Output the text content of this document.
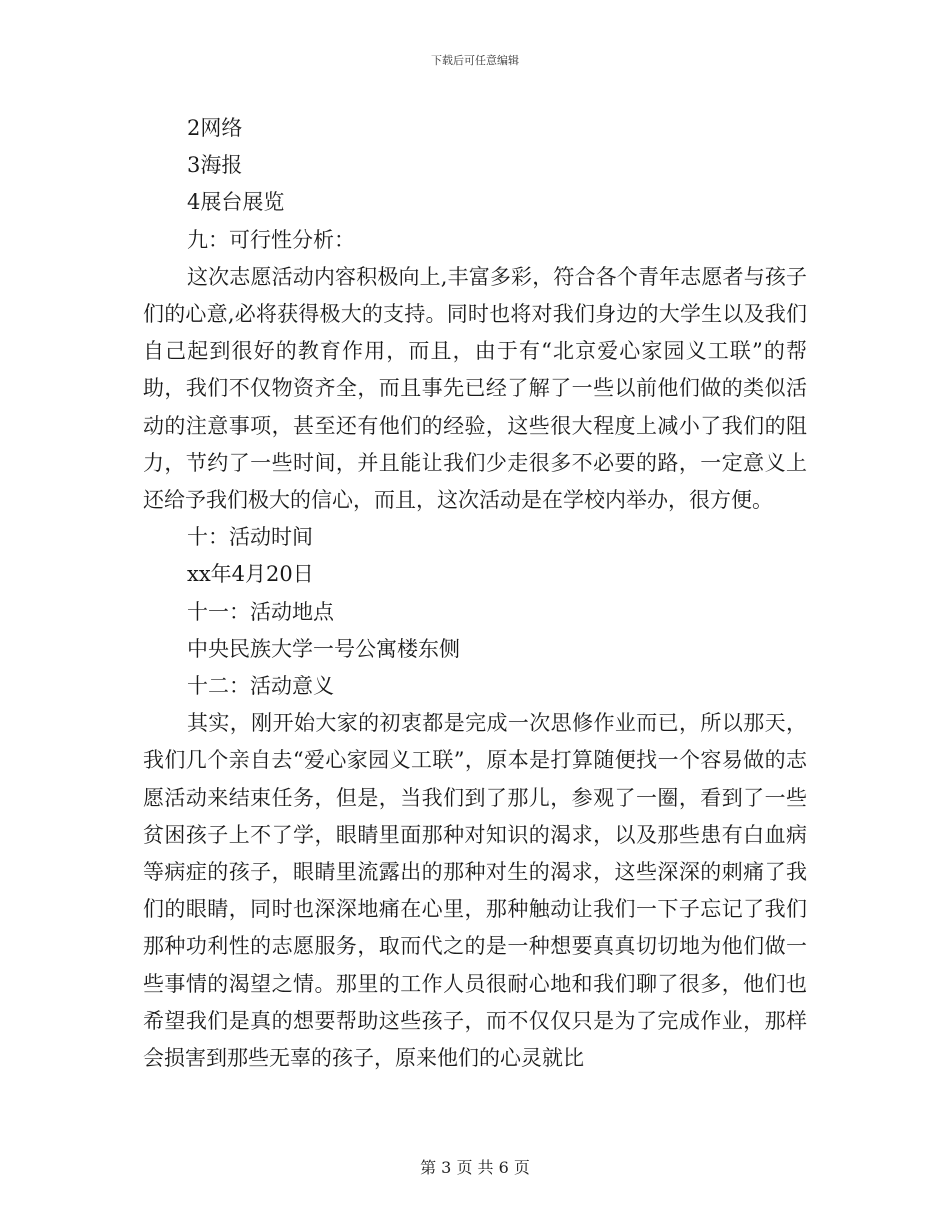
下载后可任意编辑
2网络
3海报
4展台展览
九：可行性分析：

这次志愿活动内容积极向上,丰富多彩，符合各个青年志愿者与孩子们的心意,必将获得极大的支持。同时也将对我们身边的大学生以及我们自己起到很好的教育作用，而且，由于有“北京爱心家园义工联”的帮助，我们不仅物资齐全，而且事先已经了解了一些以前他们做的类似活动的注意事项，甚至还有他们的经验，这些很大程度上减小了我们的阻力，节约了一些时间，并且能让我们少走很多不必要的路，一定意义上还给予我们极大的信心，而且，这次活动是在学校内举办，很方便。

十：活动时间
xx年4月20日
十一：活动地点
中央民族大学一号公寓楼东侧
十二：活动意义

其实，刚开始大家的初衷都是完成一次思修作业而已，所以那天，我们几个亲自去“爱心家园义工联”，原本是打算随便找一个容易做的志愿活动来结束任务，但是，当我们到了那儿，参观了一圈，看到了一些贫困孩子上不了学，眼睛里面那种对知识的渴求，以及那些患有白血病等病症的孩子，眼睛里流露出的那种对生的渴求，这些深深的刺痛了我们的眼睛，同时也深深地痛在心里，那种触动让我们一下子忘记了我们那种功利性的志愿服务，取而代之的是一种想要真真切切地为他们做一些事情的渴望之情。那里的工作人员很耐心地和我们聊了很多，他们也希望我们是真的想要帮助这些孩子，而不仅仅只是为了完成作业，那样会损害到那些无辜的孩子，原来他们的心灵就比

第 3 页 共 6 页
